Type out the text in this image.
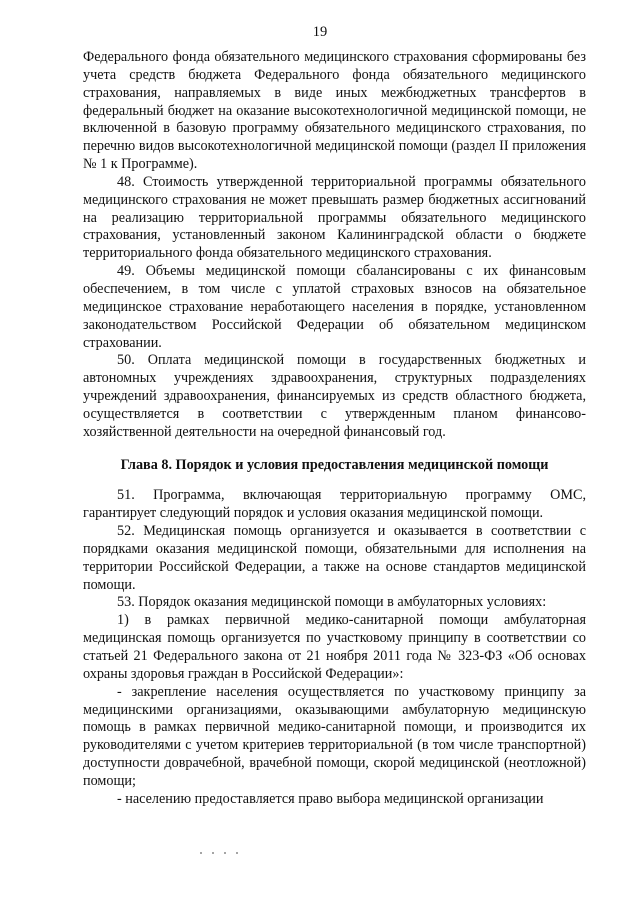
19

Федерального фонда обязательного медицинского страхования сформированы без учета средств бюджета Федерального фонда обязательного медицинского страхования, направляемых в виде иных межбюджетных трансфертов в федеральный бюджет на оказание высокотехнологичной медицинской помощи, не включенной в базовую программу обязательного медицинского страхования, по перечню видов высокотехнологичной медицинской помощи (раздел II приложения № 1 к Программе).

48. Стоимость утвержденной территориальной программы обязательного медицинского страхования не может превышать размер бюджетных ассигнований на реализацию территориальной программы обязательного медицинского страхования, установленный законом Калининградской области о бюджете территориального фонда обязательного медицинского страхования.

49. Объемы медицинской помощи сбалансированы с их финансовым обеспечением, в том числе с уплатой страховых взносов на обязательное медицинское страхование неработающего населения в порядке, установленном законодательством Российской Федерации об обязательном медицинском страховании.

50. Оплата медицинской помощи в государственных бюджетных и автономных учреждениях здравоохранения, структурных подразделениях учреждений здравоохранения, финансируемых из средств областного бюджета, осуществляется в соответствии с утвержденным планом финансово-хозяйственной деятельности на очередной финансовый год.

Глава 8. Порядок и условия предоставления медицинской помощи

51. Программа, включающая территориальную программу ОМС, гарантирует следующий порядок и условия оказания медицинской помощи.

52. Медицинская помощь организуется и оказывается в соответствии с порядками оказания медицинской помощи, обязательными для исполнения на территории Российской Федерации, а также на основе стандартов медицинской помощи.

53. Порядок оказания медицинской помощи в амбулаторных условиях:

1) в рамках первичной медико-санитарной помощи амбулаторная медицинская помощь организуется по участковому принципу в соответствии со статьей 21 Федерального закона от 21 ноября 2011 года № 323-ФЗ «Об основах охраны здоровья граждан в Российской Федерации»:

- закрепление населения осуществляется по участковому принципу за медицинскими организациями, оказывающими амбулаторную медицинскую помощь в рамках первичной медико-санитарной помощи, и производится их руководителями с учетом критериев территориальной (в том числе транспортной) доступности доврачебной, врачебной помощи, скорой медицинской (неотложной) помощи;

- населению предоставляется право выбора медицинской организации
